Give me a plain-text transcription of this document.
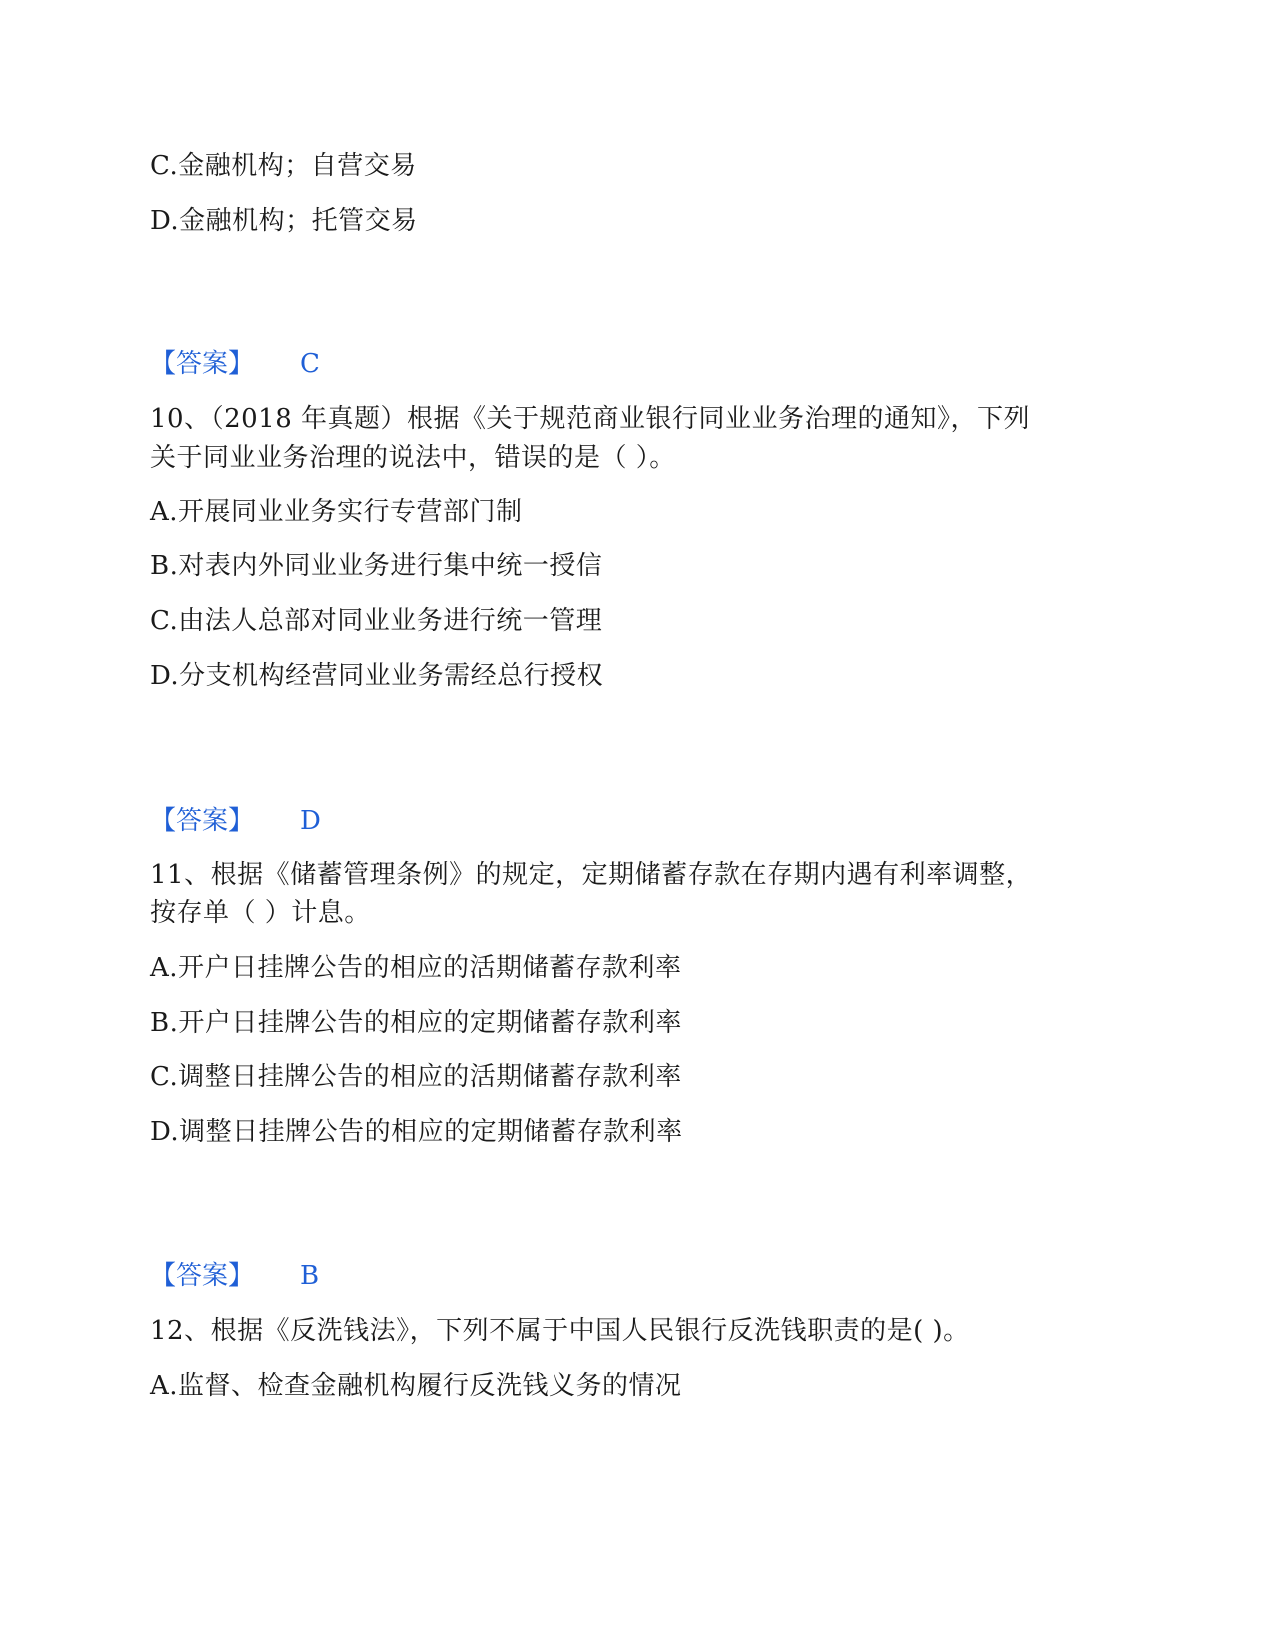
C.金融机构；自营交易
D.金融机构；托管交易
【答案】 C
10、（2018 年真题）根据《关于规范商业银行同业业务治理的通知》，下列
关于同业业务治理的说法中，错误的是（ ）。
A.开展同业业务实行专营部门制
B.对表内外同业业务进行集中统一授信
C.由法人总部对同业业务进行统一管理
D.分支机构经营同业业务需经总行授权
【答案】 D
11、根据《储蓄管理条例》的规定，定期储蓄存款在存期内遇有利率调整，
按存单（ ）计息。
A.开户日挂牌公告的相应的活期储蓄存款利率
B.开户日挂牌公告的相应的定期储蓄存款利率
C.调整日挂牌公告的相应的活期储蓄存款利率
D.调整日挂牌公告的相应的定期储蓄存款利率
【答案】 B
12、根据《反洗钱法》，下列不属于中国人民银行反洗钱职责的是( )。
A.监督、检查金融机构履行反洗钱义务的情况
